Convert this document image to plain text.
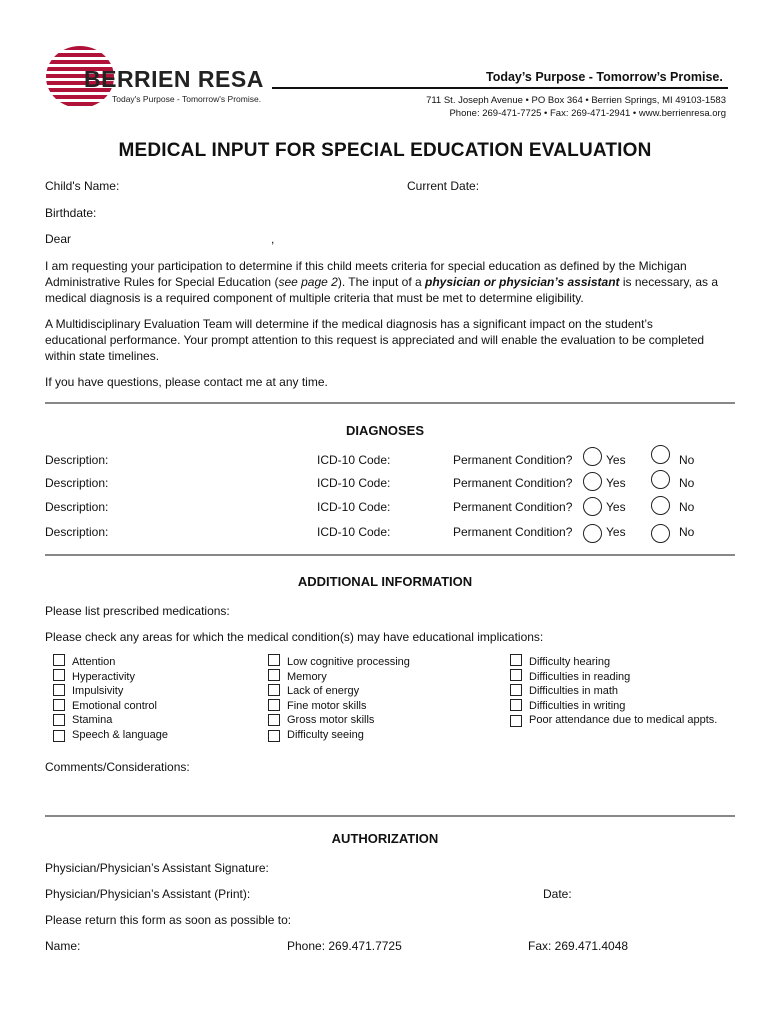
BERRIEN RESA
Today's Purpose - Tomorrow's Promise.
Today’s Purpose - Tomorrow’s Promise.
711 St. Joseph Avenue • PO Box 364 • Berrien Springs, MI 49103-1583
Phone: 269-471-7725 • Fax: 269-471-2941 • www.berrienresa.org
MEDICAL INPUT FOR SPECIAL EDUCATION EVALUATION
Child's Name:	Current Date:
Birthdate:
Dear	,
I am requesting your participation to determine if this child meets criteria for special education as defined by the Michigan Administrative Rules for Special Education (see page 2). The input of a physician or physician’s assistant is necessary, as a medical diagnosis is a required component of multiple criteria that must be met to determine eligibility.
A Multidisciplinary Evaluation Team will determine if the medical diagnosis has a significant impact on the student’s educational performance. Your prompt attention to this request is appreciated and will enable the evaluation to be completed within state timelines.
If you have questions, please contact me at any time.
DIAGNOSES
Description:	ICD-10 Code:	Permanent Condition?	Yes	No
Description:	ICD-10 Code:	Permanent Condition?	Yes	No
Description:	ICD-10 Code:	Permanent Condition?	Yes	No
Description:	ICD-10 Code:	Permanent Condition?	Yes	No
ADDITIONAL INFORMATION
Please list prescribed medications:
Please check any areas for which the medical condition(s) may have educational implications:
Attention
Hyperactivity
Impulsivity
Emotional control
Stamina
Speech & language
Low cognitive processing
Memory
Lack of energy
Fine motor skills
Gross motor skills
Difficulty seeing
Difficulty hearing
Difficulties in reading
Difficulties in math
Difficulties in writing
Poor attendance due to medical appts.
Comments/Considerations:
AUTHORIZATION
Physician/Physician’s Assistant Signature:
Physician/Physician’s Assistant (Print):	Date:
Please return this form as soon as possible to:
Name:	Phone: 269.471.7725	Fax: 269.471.4048
